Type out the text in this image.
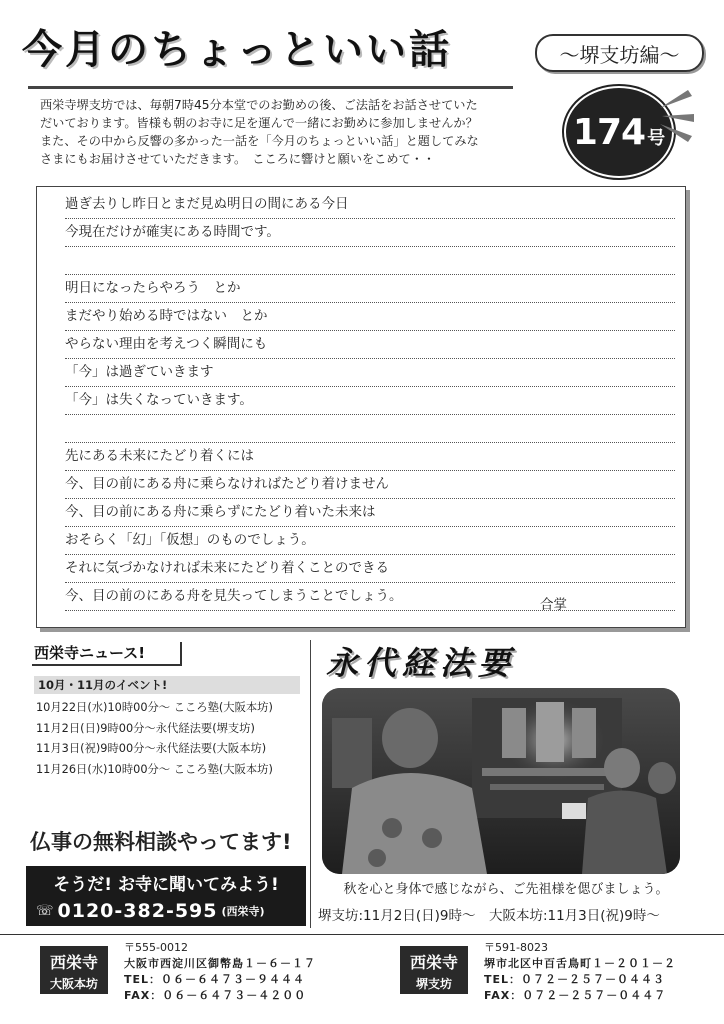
今月のちょっといい話	〜堺支坊編〜

西栄寺堺支坊では、毎朝7時45分本堂でのお勤めの後、ご法話をお話させていた

だいております。皆様も朝のお寺に足を運んで一緒にお勤めに参加しませんか？

また、その中から反響の多かった一話を「今月のちょっといい話」と題してみな

さまにもお届けさせていただきます。　こころに響けと願いをこめて・・

174 号
過ぎ去りし昨日とまだ見ぬ明日の間にある今日
今現在だけが確実にある時間です。
明日になったらやろう　とか
まだやり始める時ではない　とか
やらない理由を考えつく瞬間にも
「今」は過ぎていきます
「今」は失くなっていきます。
先にある未来にたどり着くには
今、目の前にある舟に乗らなければたどり着けません
今、目の前にある舟に乗らずにたどり着いた未来は
おそらく「幻」「仮想」のものでしょう。
それに気づかなければ未来にたどり着くことのできる
今、目の前のにある舟を見失ってしまうことでしょう。
合掌
西栄寺ニュース!
10月・11月のイベント!
10月22日(水)10時00分〜 こころ塾(大阪本坊)
11月2日(日)9時00分〜永代経法要(堺支坊)
11月3日(祝)9時00分〜永代経法要(大阪本坊)
11月26日(水)10時00分〜 こころ塾(大阪本坊)
仏事の無料相談やってます!
そうだ! お寺に聞いてみよう!
☏ 0120-382-595 (西栄寺)
永代経法要
秋を心と身体で感じながら、ご先祖様を偲びましょう。
堺支坊:11月2日(日)9時〜　大阪本坊:11月3日(祝)9時〜
西栄寺
大阪本坊
〒555-0012
大阪市西淀川区御幣島１－６－１７
TEL：０６－６４７３－９４４４
FAX：０６－６４７３－４２００
西栄寺
堺支坊
〒591-8023
堺市北区中百舌鳥町１－２０１－２
TEL：０７２－２５７－０４４３
FAX：０７２－２５７－０４４７
